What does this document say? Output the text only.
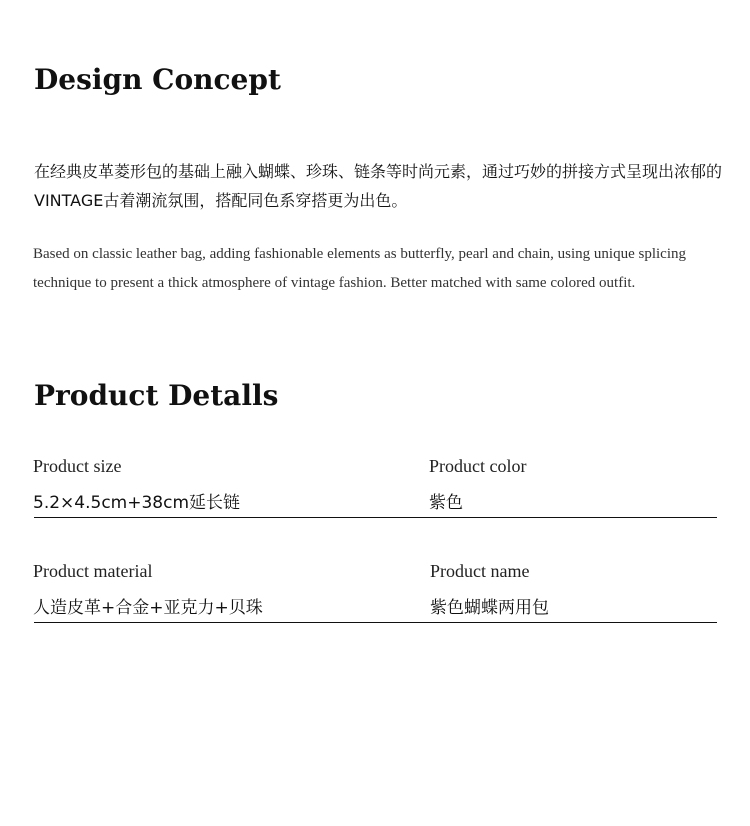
Design Concept

在经典皮革菱形包的基础上融入蝴蝶、珍珠、链条等时尚元素，通过巧妙的拼接方式呈现出浓郁的VINTAGE古着潮流氛围，搭配同色系穿搭更为出色。

Based on classic leather bag, adding fashionable elements as butterfly, pearl and chain, using unique splicing technique to present a thick atmosphere of vintage fashion. Better matched with same colored outfit.

Product Detalls
Product size
5.2×4.5cm+38cm延长链
Product color
紫色
Product material
人造皮革+合金+亚克力+贝珠
Product name
紫色蝴蝶两用包
